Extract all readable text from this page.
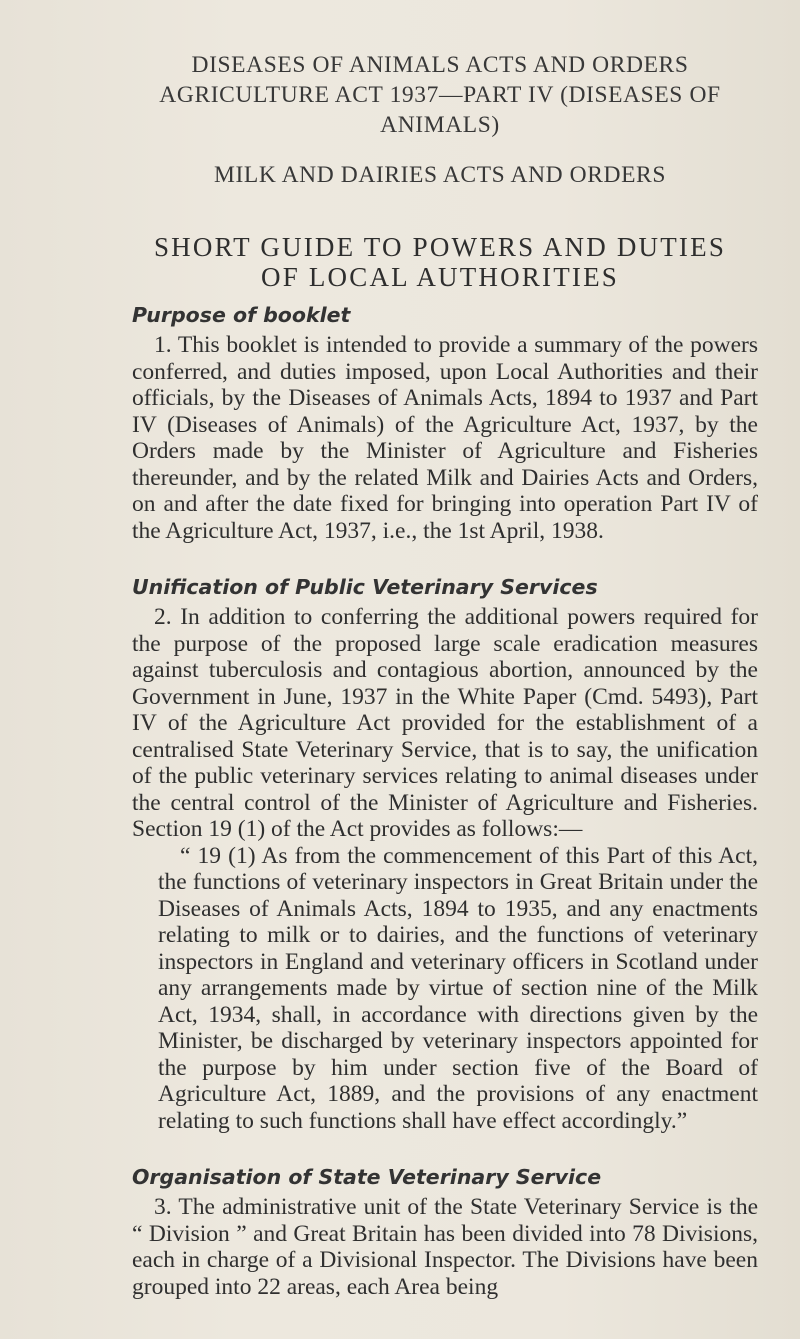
DISEASES OF ANIMALS ACTS AND ORDERS
AGRICULTURE ACT 1937—PART IV (DISEASES OF
ANIMALS)
MILK AND DAIRIES ACTS AND ORDERS
SHORT GUIDE TO POWERS AND DUTIES
OF LOCAL AUTHORITIES
Purpose of booklet

1. This booklet is intended to provide a summary of the powers conferred, and duties imposed, upon Local Authorities and their officials, by the Diseases of Animals Acts, 1894 to 1937 and Part IV (Diseases of Animals) of the Agriculture Act, 1937, by the Orders made by the Minister of Agriculture and Fisheries thereunder, and by the related Milk and Dairies Acts and Orders, on and after the date fixed for bringing into operation Part IV of the Agriculture Act, 1937, i.e., the 1st April, 1938.

Unification of Public Veterinary Services

2. In addition to conferring the additional powers required for the purpose of the proposed large scale eradication measures against tuberculosis and contagious abortion, announced by the Government in June, 1937 in the White Paper (Cmd. 5493), Part IV of the Agriculture Act provided for the establishment of a centralised State Veterinary Service, that is to say, the unification of the public veterinary services relating to animal diseases under the central control of the Minister of Agriculture and Fisheries. Section 19 (1) of the Act provides as follows:—

“ 19 (1) As from the commencement of this Part of this Act, the functions of veterinary inspectors in Great Britain under the Diseases of Animals Acts, 1894 to 1935, and any enactments relating to milk or to dairies, and the functions of veterinary inspectors in England and veterinary officers in Scotland under any arrangements made by virtue of section nine of the Milk Act, 1934, shall, in accordance with directions given by the Minister, be discharged by veterinary inspectors appointed for the purpose by him under section five of the Board of Agriculture Act, 1889, and the provisions of any enactment relating to such functions shall have effect accordingly.”

Organisation of State Veterinary Service

3. The administrative unit of the State Veterinary Service is the “ Division ” and Great Britain has been divided into 78 Divisions, each in charge of a Divisional Inspector. The Divisions have been grouped into 22 areas, each Area being
